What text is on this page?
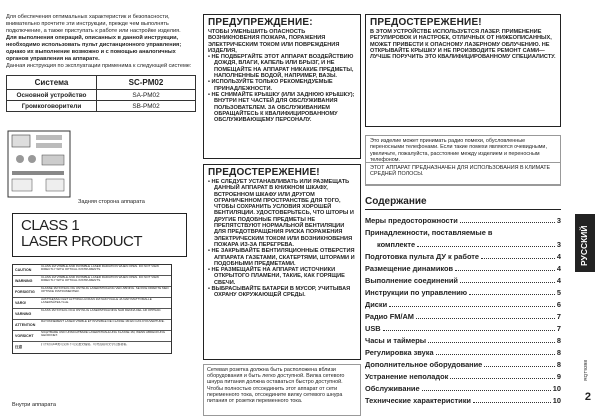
Для обеспечения оптимальных характеристик и безопасности, внимательно прочтите эти инструкции, прежде чем выполнять подключение, а также приступать к работе или настройке изделия.

Для выполнения операций, описанных в данной инструкции, необходимо использовать пульт дистанционного управления; однако их выполнение возможно и с помощью аналогичных органов управления на аппарате.

Данная инструкция по эксплуатации применима к следующей системе:

Система	SC-PM02
Основной устройство	SA-PM02
Громкоговорители	SB-PM02
Задняя сторона аппарата
CLASS 1
LASER PRODUCT
CAUTION
CLASS 1M VISIBLE AND INVISIBLE LASER RADIATION WHEN OPEN. DO NOT VIEW DIRECTLY WITH OPTICAL INSTRUMENTS.
WARNING
CLASS 1M VISIBLE AND INVISIBLE LASER RADIATION WHEN OPEN. DO NOT VIEW DIRECTLY WITH OPTICAL INSTRUMENTS.
FORSIGTIG
KLASSE 1M SYNLIG OG USYNLIG LASERSTRÅLING VED ÅBNING. SE IKKE DIREKTE MED OPTISKE INSTRUMENTER.
VARO!
AVATTAESSA OLET ALTTIINA LUOKAN 1M NÄKYVÄLLE JA NÄKYMÄTTÖMÄLLE LASERSÄTEILYLLE.
VARNING
KLASS 1M SYNLIG OCH OSYNLIG LASERSTRÅLNING NÄR DENNA DEL ÄR ÖPPNAD.
ATTENTION
RAYONNEMENT LASER VISIBLE ET INVISIBLE DE CLASSE 1M EN CAS D'OUVERTURE.
VORSICHT
SICHTBARE UND UNSICHTBARE LASERSTRAHLUNG KLASSE 1M, WENN ABDECKUNG GEÖFFNET.
注意
打开时有1M类可见和不可见激光辐射。切勿直接用光学仪器观看。
Внутри аппарата
ПРЕДУПРЕЖДЕНИЕ:
ЧТОБЫ УМЕНЬШИТЬ ОПАСНОСТЬ ВОЗНИКНОВЕНИЯ ПОЖАРА, ПОРАЖЕНИЯ ЭЛЕКТРИЧЕСКИМ ТОКОМ ИЛИ ПОВРЕЖДЕНИЯ ИЗДЕЛИЯ,
• НЕ ПОДВЕРГАЙТЕ ЭТОТ АППАРАТ ВОЗДЕЙСТВИЮ ДОЖДЯ, ВЛАГИ, КАПЕЛЬ ИЛИ БРЫЗГ, И НЕ ПОМЕЩАЙТЕ НА АППАРАТ НИКАКИЕ ПРЕДМЕТЫ, НАПОЛНЕННЫЕ ВОДОЙ, НАПРИМЕР, ВАЗЫ.
• ИСПОЛЬЗУЙТЕ ТОЛЬКО РЕКОМЕНДУЕМЫЕ ПРИНАДЛЕЖНОСТИ.
• НЕ СНИМАЙТЕ КРЫШКУ (ИЛИ ЗАДНЮЮ КРЫШКУ); ВНУТРИ НЕТ ЧАСТЕЙ ДЛЯ ОБСЛУЖИВАНИЯ ПОЛЬЗОВАТЕЛЕМ. ЗА ОБСЛУЖИВАНИЕМ ОБРАЩАЙТЕСЬ К КВАЛИФИЦИРОВАННОМУ ОБСЛУЖИВАЮЩЕМУ ПЕРСОНАЛУ.
ПРЕДОСТЕРЕЖЕНИЕ!
• НЕ СЛЕДУЕТ УСТАНАВЛИВАТЬ ИЛИ РАЗМЕЩАТЬ ДАННЫЙ АППАРАТ В КНИЖНОМ ШКАФУ, ВСТРОЕННОМ ШКАФУ ИЛИ ДРУГОМ ОГРАНИЧЕННОМ ПРОСТРАНСТВЕ ДЛЯ ТОГО, ЧТОБЫ СОХРАНИТЬ УСЛОВИЯ ХОРОШЕЙ ВЕНТИЛЯЦИИ. УДОСТОВЕРЬТЕСЬ, ЧТО ШТОРЫ И ДРУГИЕ ПОДОБНЫЕ ПРЕДМЕТЫ НЕ ПРЕПЯТСТВУЮТ НОРМАЛЬНОЙ ВЕНТИЛЯЦИИ ДЛЯ ПРЕДОТВРАЩЕНИЯ РИСКА ПОРАЖЕНИЯ ЭЛЕКТРИЧЕСКИМ ТОКОМ ИЛИ ВОЗНИКНОВЕНИЯ ПОЖАРА ИЗ-ЗА ПЕРЕГРЕВА.
• НЕ ЗАКРЫВАЙТЕ ВЕНТИЛЯЦИОННЫЕ ОТВЕРСТИЯ АППАРАТА ГАЗЕТАМИ, СКАТЕРТЯМИ, ШТОРАМИ И ПОДОБНЫМИ ПРЕДМЕТАМИ.
• НЕ РАЗМЕЩАЙТЕ НА АППАРАТ ИСТОЧНИКИ ОТКРЫТОГО ПЛАМЕНИ, ТАКИЕ, КАК ГОРЯЩИЕ СВЕЧИ.
• ВЫБРАСЫВАЙТЕ БАТАРЕИ В МУСОР, УЧИТЫВАЯ ОХРАНУ ОКРУЖАЮЩЕЙ СРЕДЫ.
Сетевая розетка должна быть расположена вблизи оборудования и быть легко доступной. Вилка сетевого шнура питания должна оставаться быстро доступной. Чтобы полностью отсоединить этот аппарат от сети переменного тока, отсоедините вилку сетевого шнура питания от розетки переменного тока.
ПРЕДОСТЕРЕЖЕНИЕ!
В ЭТОМ УСТРОЙСТВЕ ИСПОЛЬЗУЕТСЯ ЛАЗЕР. ПРИМЕНЕНИЕ РЕГУЛИРОВОК И НАСТРОЕК, ОТЛИЧНЫХ ОТ НИЖЕОПИСАННЫХ, МОЖЕТ ПРИВЕСТИ К ОПАСНОМУ ЛАЗЕРНОМУ ОБЛУЧЕНИЮ. НЕ ОТКРЫВАЙТЕ КРЫШКУ И НЕ ПРОИЗВОДИТЕ РЕМОНТ САМИ— ЛУЧШЕ ПОРУЧИТЬ ЭТО КВАЛИФИЦИРОВАННОМУ СПЕЦИАЛИСТУ.
Это изделие может принимать радио помехи, обусловленные переносными телефонами. Если такие помехи являются очевидными, увеличьте, пожалуйста, расстояние между изделием и переносным телефоном.
ЭТОТ АППАРАТ ПРЕДНАЗНАЧЕН ДЛЯ ИСПОЛЬЗОВАНИЯ В КЛИМАТЕ СРЕДНЕЙ ПОЛОСЫ.
Содержание
Меры предосторожности	3
Принадлежности, поставляемые в
комплекте	3
Подготовка пульта ДУ к работе	4
Размещение динамиков	4
Выполнение соединений	4
Инструкции по управлению	5
Диски	6
Радио FM/AM	7
USB	7
Часы и таймеры	8
Регулировка звука	8
Дополнительное оборудование	8
Устранение неполадок	9
Обслуживание	10
Технические характеристики	10
РУССКИЙ
RQT9398
2
